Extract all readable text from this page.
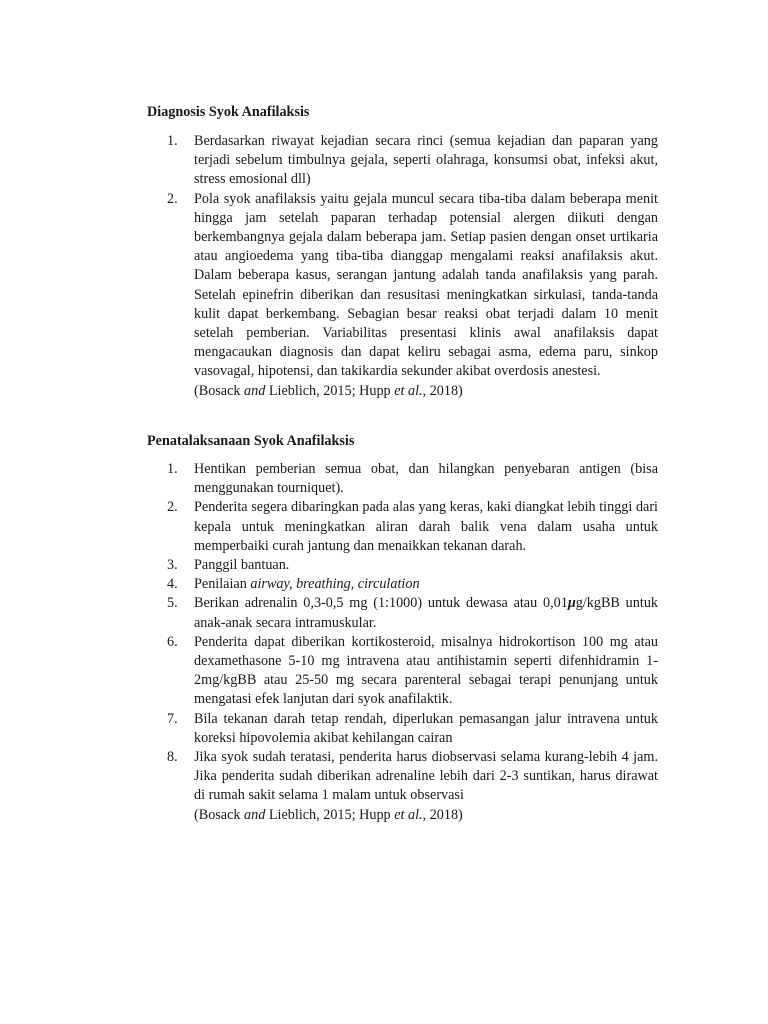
Diagnosis Syok Anafilaksis
1.	Berdasarkan riwayat kejadian secara rinci (semua kejadian dan paparan yang terjadi sebelum timbulnya gejala, seperti olahraga, konsumsi obat, infeksi akut, stress emosional dll)
2.	Pola syok anafilaksis yaitu gejala muncul secara tiba-tiba dalam beberapa menit hingga jam setelah paparan terhadap potensial alergen diikuti dengan berkembangnya gejala dalam beberapa jam. Setiap pasien dengan onset urtikaria atau angioedema yang tiba-tiba dianggap mengalami reaksi anafilaksis akut. Dalam beberapa kasus, serangan jantung adalah tanda anafilaksis yang parah. Setelah epinefrin diberikan dan resusitasi meningkatkan sirkulasi, tanda-tanda kulit dapat berkembang. Sebagian besar reaksi obat terjadi dalam 10 menit setelah pemberian. Variabilitas presentasi klinis awal anafilaksis dapat mengacaukan diagnosis dan dapat keliru sebagai asma, edema paru, sinkop vasovagal, hipotensi, dan takikardia sekunder akibat overdosis anestesi.
(Bosack and Lieblich, 2015; Hupp et al., 2018)
Penatalaksanaan Syok Anafilaksis
1.	Hentikan pemberian semua obat, dan hilangkan penyebaran antigen (bisa menggunakan tourniquet).
2.	Penderita segera dibaringkan pada alas yang keras, kaki diangkat lebih tinggi dari kepala untuk meningkatkan aliran darah balik vena dalam usaha untuk memperbaiki curah jantung dan menaikkan tekanan darah.
3.	Panggil bantuan.
4.	Penilaian airway, breathing, circulation
5.	Berikan adrenalin 0,3-0,5 mg (1:1000) untuk dewasa atau 0,01μg/kgBB untuk anak-anak secara intramuskular.
6.	Penderita dapat diberikan kortikosteroid, misalnya hidrokortison 100 mg atau dexamethasone 5-10 mg intravena atau antihistamin seperti difenhidramin 1-2mg/kgBB atau 25-50 mg secara parenteral sebagai terapi penunjang untuk mengatasi efek lanjutan dari syok anafilaktik.
7.	Bila tekanan darah tetap rendah, diperlukan pemasangan jalur intravena untuk koreksi hipovolemia akibat kehilangan cairan
8.	Jika syok sudah teratasi, penderita harus diobservasi selama kurang-lebih 4 jam. Jika penderita sudah diberikan adrenaline lebih dari 2-3 suntikan, harus dirawat di rumah sakit selama 1 malam untuk observasi
(Bosack and Lieblich, 2015; Hupp et al., 2018)
